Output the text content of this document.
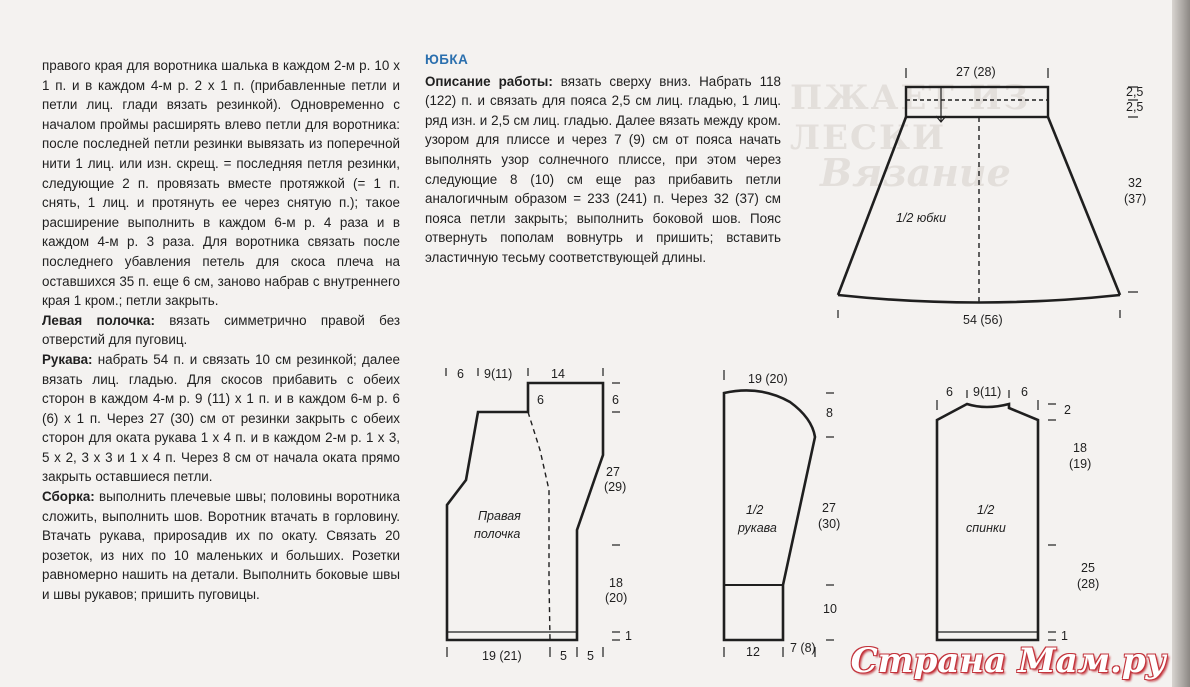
ПЖАЕТ ИЗ ЛЕСКИ
Вязание

правого края для воротника шалька в каждом 2-м р. 10 х 1 п. и в каждом 4-м р. 2 х 1 п. (прибавленные петли и петли лиц. глади вязать резинкой). Одновременно с началом проймы расширять влево петли для воротника: после последней петли резинки вывязать из поперечной нити 1 лиц. или изн. скрещ. = последняя петля резинки, следующие 2 п. провязать вместе протяжкой (= 1 п. снять, 1 лиц. и протянуть ее через снятую п.); такое расширение выполнить в каждом 6-м р. 4 раза и в каждом 4-м р. 3 раза. Для воротника связать после последнего убавления петель для скоса плеча на оставшихся 35 п. еще 6 см, заново набрав с внутреннего края 1 кром.; петли закрыть.

Левая полочка: вязать симметрично правой без отверстий для пуговиц.

Рукава: набрать 54 п. и связать 10 см резинкой; далее вязать лиц. гладью. Для скосов прибавить с обеих сторон в каждом 4-м р. 9 (11) х 1 п. и в каждом 6-м р. 6 (6) х 1 п. Через 27 (30) см от резинки закрыть с обеих сторон для оката рукава 1 х 4 п. и в каждом 2-м р. 1 х 3, 5 х 2, 3 х 3 и 1 х 4 п. Через 8 см от начала оката прямо закрыть оставшиеся петли.

Сборка: выполнить плечевые швы; половины воротника сложить, выполнить шов. Воротник втачать в горловину. Втачать рукава, приposадив их по окату. Связать 20 розеток, из них по 10 маленьких и больших. Розетки равномерно нашить на детали. Выполнить боковые швы и швы рукавов; пришить пуговицы.

ЮБКА

Описание работы: вязать сверху вниз. Набрать 118 (122) п. и связать для пояса 2,5 см лиц. гладью, 1 лиц. ряд изн. и 2,5 см лиц. гладью. Далее вязать между кром. узором для плиссе и через 7 (9) см от пояса начать выполнять узор солнечного плиссе, при этом через следующие 8 (10) см еще раз прибавить петли аналогичным образом = 233 (241) п. Через 32 (37) см пояса петли закрыть; выполнить боковой шов. Пояс отвернуть пополам вовнутрь и пришить; вставить эластичную тесьму соответствующей длины.

27 (28)
2,5
2,5
32
(37)
54 (56)
1/2 юбки
6 9(11)	14
6	6
27
(29)
18
(20)
1
19 (21)	5 5
Правая
полочка
19 (20)
8
27
(30)
10
12 7 (8)
1/2
рукава
6 9(11) 6
2
18
(19)
25
(28)
1
1/2
спинки
Страна Мам.ру
